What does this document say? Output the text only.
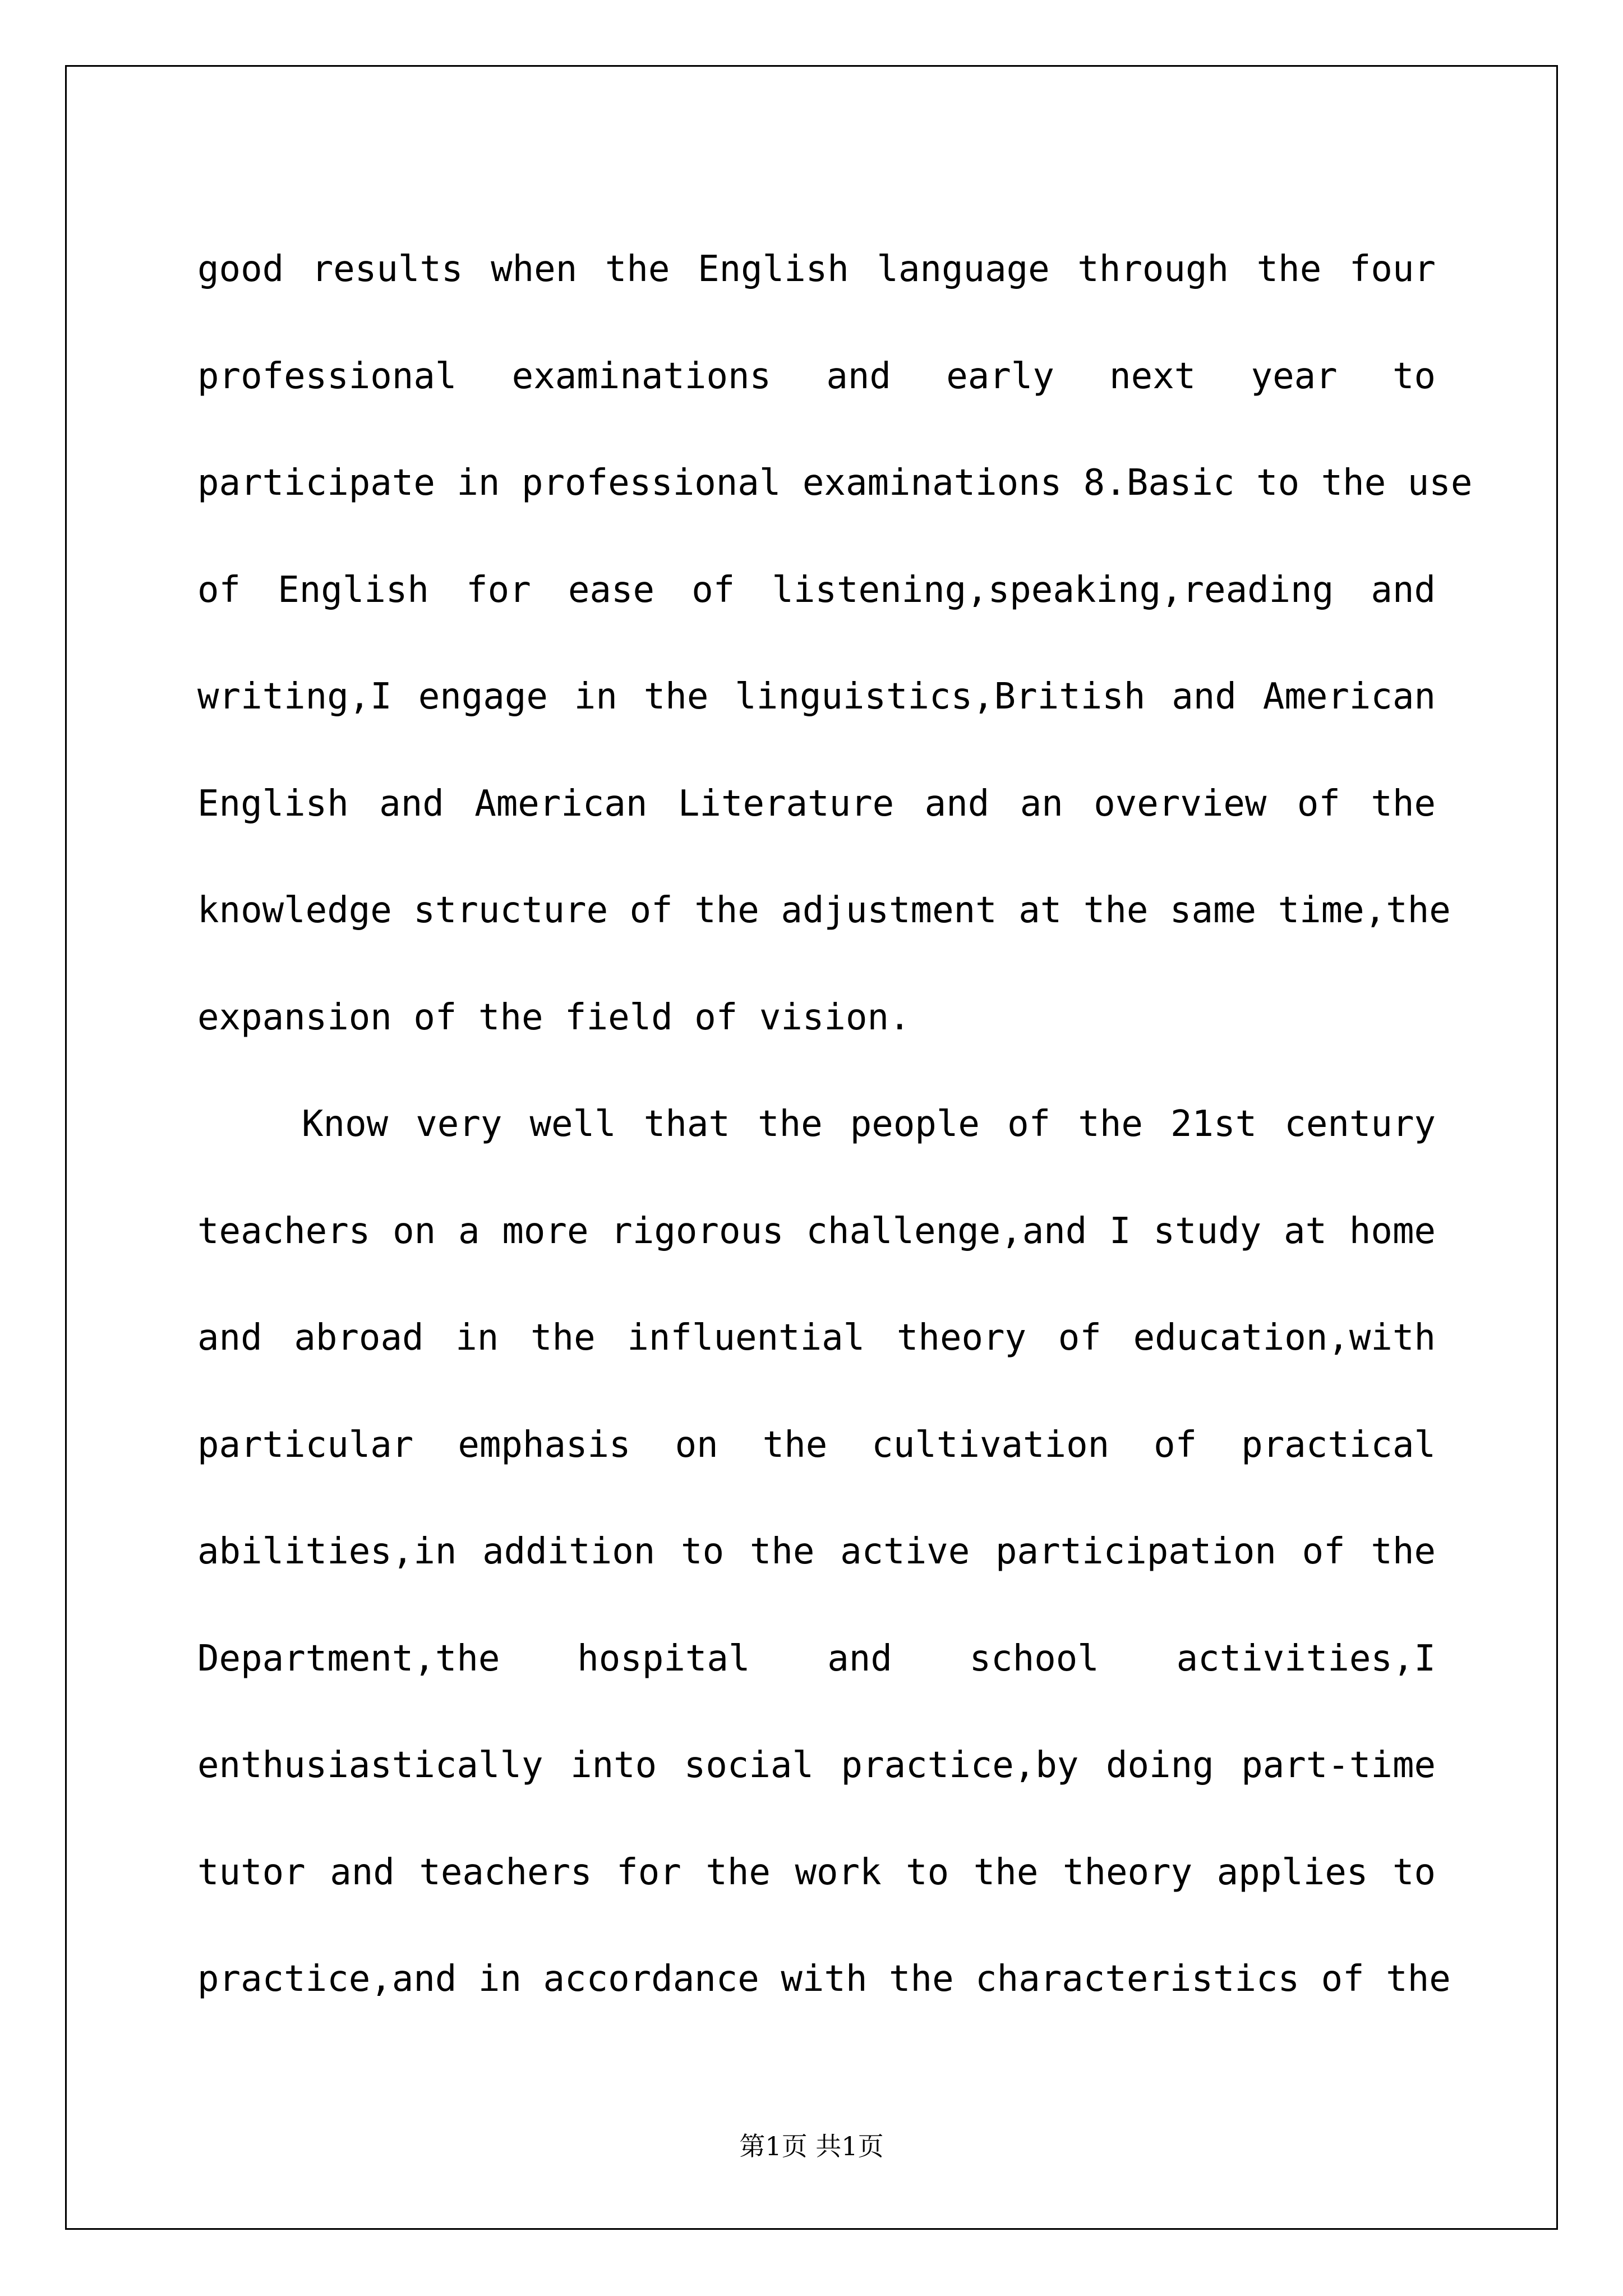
good results when the English language through the four
professional examinations and early next year to
participate in professional examinations 8.Basic to the use
of English for ease of listening,speaking,reading and
writing,I engage in the linguistics,British and American
English and American Literature and an overview of the
knowledge structure of the adjustment at the same time,the
expansion of the field of vision.
Know very well that the people of the 21st century
teachers on a more rigorous challenge,and I study at home
and abroad in the influential theory of education,with
particular emphasis on the cultivation of practical
abilities,in addition to the active participation of the
Department,the hospital and school activities,I
enthusiastically into social practice,by doing part-time
tutor and teachers for the work to the theory applies to
practice,and in accordance with the characteristics of the
第1页 共1页
